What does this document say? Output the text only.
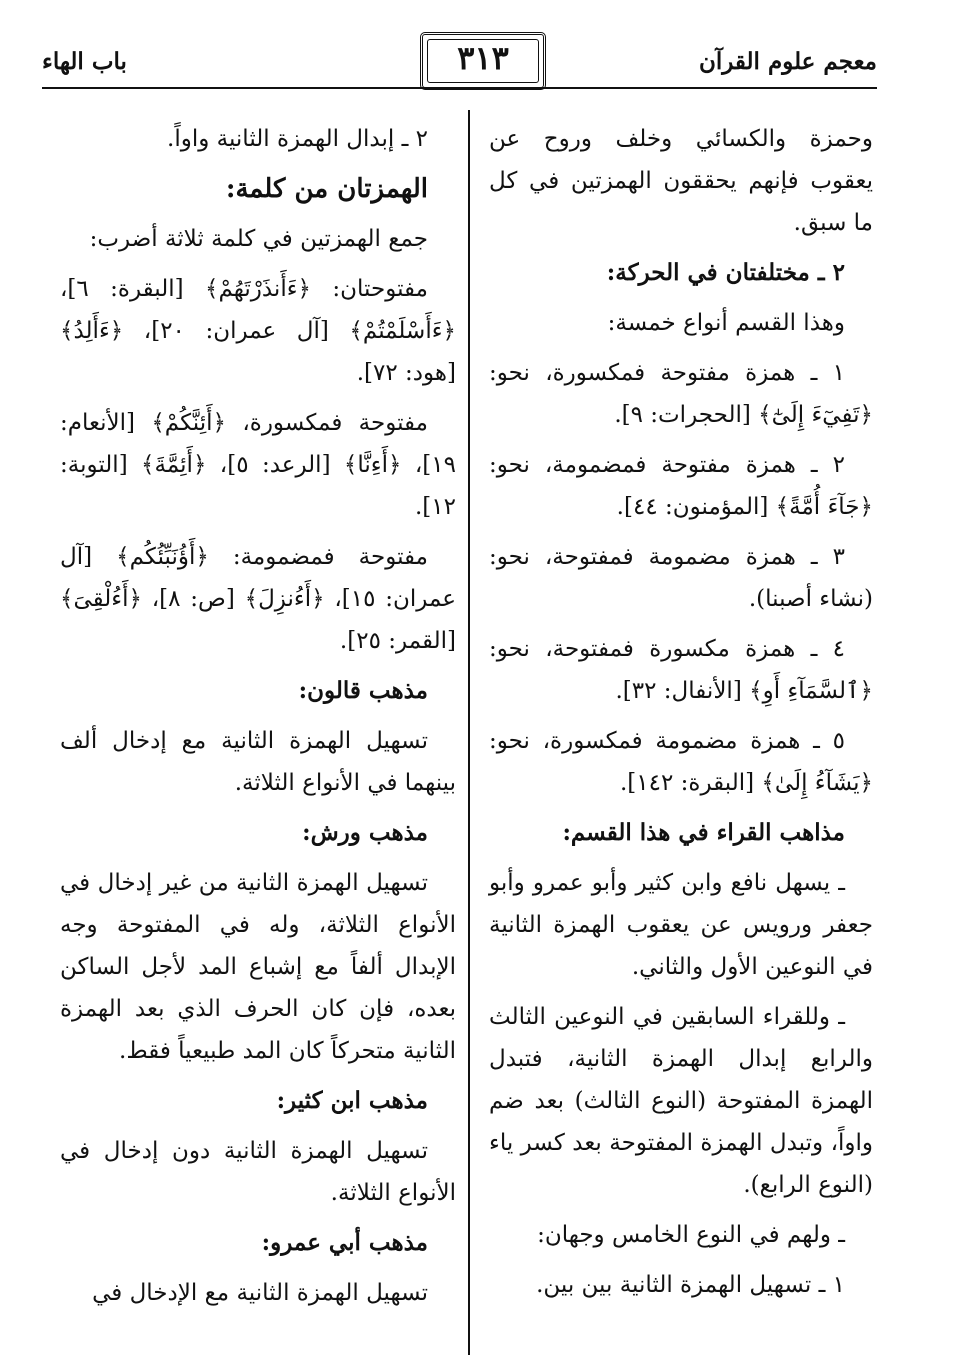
معجم علوم القرآن
٣١٣
باب الهاء

وحمزة والكسائي وخلف وروح عن يعقوب فإنهم يحققون الهمزتين في كل ما سبق.

٢ ـ مختلفتان في الحركة:

وهذا القسم أنواع خمسة:

١ ـ همزة مفتوحة فمكسورة، نحو: ﴿تَفِيٓءَ إِلَىٰٓ﴾ [الحجرات: ٩].

٢ ـ همزة مفتوحة فمضمومة، نحو: ﴿جَآءَ أُمَّةً﴾ [المؤمنون: ٤٤].

٣ ـ همزة مضمومة فمفتوحة، نحو: (نشاء أصبنا).

٤ ـ همزة مكسورة فمفتوحة، نحو: ﴿ٱلسَّمَآءِ أَوِ﴾ [الأنفال: ٣٢].

٥ ـ همزة مضمومة فمكسورة، نحو: ﴿يَشَآءُ إِلَىٰ﴾ [البقرة: ١٤٢].

مذاهب القراء في هذا القسم:

ـ يسهل نافع وابن كثير وأبو عمرو وأبو جعفر ورويس عن يعقوب الهمزة الثانية في النوعين الأول والثاني.

ـ وللقراء السابقين في النوعين الثالث والرابع إبدال الهمزة الثانية، فتبدل الهمزة المفتوحة (النوع الثالث) بعد ضم واواً، وتبدل الهمزة المفتوحة بعد كسر ياء (النوع الرابع).

ـ ولهم في النوع الخامس وجهان:

١ ـ تسهيل الهمزة الثانية بين بين.

٢ ـ إبدال الهمزة الثانية واواً.

الهمزتان من كلمة:

جمع الهمزتين في كلمة ثلاثة أضرب:

مفتوحتان: ﴿ءَأَنذَرْتَهُمْ﴾ [البقرة: ٦]، ﴿ءَأَسْلَمْتُمْ﴾ [آل عمران: ٢٠]، ﴿ءَأَلِدُ﴾ [هود: ٧٢].

مفتوحة فمكسورة، ﴿أَئِنَّكُمْ﴾ [الأنعام: ١٩]، ﴿أَءِنَّا﴾ [الرعد: ٥]، ﴿أَئِمَّةَ﴾ [التوبة: ١٢].

مفتوحة فمضمومة: ﴿أَؤُنَبِّئُكُم﴾ [آل عمران: ١٥]، ﴿أَءُنزِلَ﴾ [ص: ٨]، ﴿أَءُلْقِىَ﴾ [القمر: ٢٥].

مذهب قالون:

تسهيل الهمزة الثانية مع إدخال ألف بينهما في الأنواع الثلاثة.

مذهب ورش:

تسهيل الهمزة الثانية من غير إدخال في الأنواع الثلاثة، وله في المفتوحة وجه الإبدال ألفاً مع إشباع المد لأجل الساكن بعده، فإن كان الحرف الذي بعد الهمزة الثانية متحركاً كان المد طبيعياً فقط.

مذهب ابن كثير:

تسهيل الهمزة الثانية دون إدخال في الأنواع الثلاثة.

مذهب أبي عمرو:

تسهيل الهمزة الثانية مع الإدخال في
